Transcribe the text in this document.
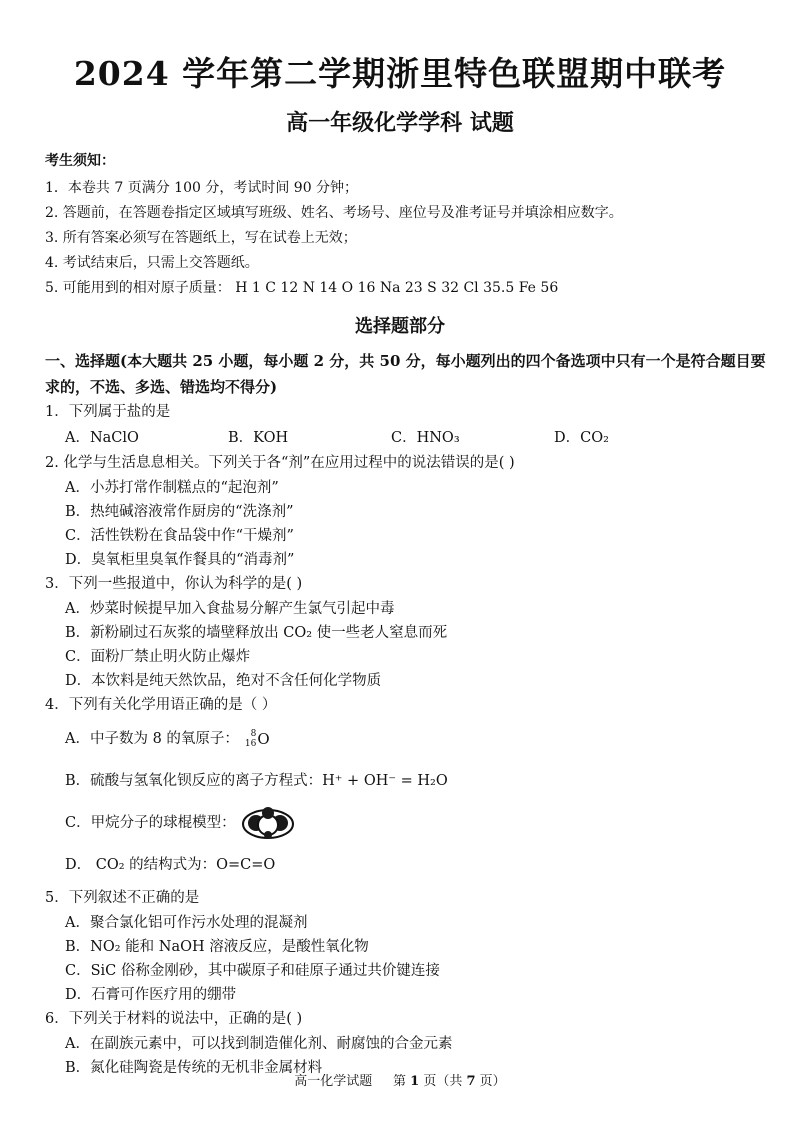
2024 学年第二学期浙里特色联盟期中联考
高一年级化学学科 试题
考生须知：
1．本卷共 7 页满分 100 分，考试时间 90 分钟；
2. 答题前，在答题卷指定区域填写班级、姓名、考场号、座位号及准考证号并填涂相应数字。
3. 所有答案必须写在答题纸上，写在试卷上无效；
4. 考试结束后，只需上交答题纸。
5. 可能用到的相对原子质量： H 1 C 12 N 14 O 16 Na 23 S 32 Cl 35.5 Fe 56
选择题部分
一、选择题(本大题共 25 小题，每小题 2 分，共 50 分，每小题列出的四个备选项中只有一个是符合题目要求的，不选、多选、错选均不得分)
1．下列属于盐的是
A．NaClO	B．KOH	C．HNO₃	D．CO₂
2. 化学与生活息息相关。下列关于各“剂”在应用过程中的说法错误的是( )
A．小苏打常作制糕点的“起泡剂”
B．热纯碱溶液常作厨房的“洗涤剂”
C．活性铁粉在食品袋中作“干燥剂”
D．臭氧柜里臭氧作餐具的“消毒剂”
3．下列一些报道中，你认为科学的是( )
A．炒菜时候提早加入食盐易分解产生氯气引起中毒
B．新粉刷过石灰浆的墙壁释放出 CO₂ 使一些老人窒息而死
C．面粉厂禁止明火防止爆炸
D．本饮料是纯天然饮品，绝对不含任何化学物质
4．下列有关化学用语正确的是（ ）
A．中子数为 8 的氧原子：	8
16 O
B．硫酸与氢氧化钡反应的离子方程式：H⁺ + OH⁻ = H₂O
C．甲烷分子的球棍模型：
D． CO₂ 的结构式为：O=C=O
5．下列叙述不正确的是
A．聚合氯化铝可作污水处理的混凝剂
B．NO₂ 能和 NaOH 溶液反应，是酸性氧化物
C．SiC 俗称金刚砂，其中碳原子和硅原子通过共价键连接
D．石膏可作医疗用的绷带
6．下列关于材料的说法中，正确的是( )
A．在副族元素中，可以找到制造催化剂、耐腐蚀的合金元素
B．氮化硅陶瓷是传统的无机非金属材料
高一化学试题 第 1 页（共 7 页）
